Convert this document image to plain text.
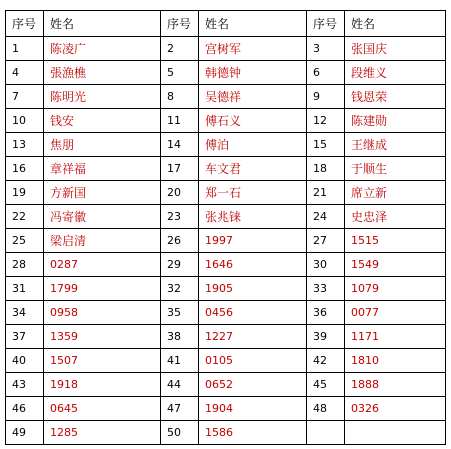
序号	姓名	序号	姓名	序号	姓名
1	陈凌广	2	宫树军	3	张国庆
4	張漁樵	5	韩德钟	6	段维义
7	陈明光	8	吴德祥	9	钱恩荣
10	钱安	11	傅石义	12	陈建勋
13	焦朋	14	傅泊	15	王继成
16	章祥福	17	车文君	18	于顺生
19	方新国	20	郑一石	21	席立新
22	冯寄徽	23	张兆铼	24	史忠泽
25	梁启清	26	1997	27	1515
28	0287	29	1646	30	1549
31	1799	32	1905	33	1079
34	0958	35	0456	36	0077
37	1359	38	1227	39	1171
40	1507	41	0105	42	1810
43	1918	44	0652	45	1888
46	0645	47	1904	48	0326
49	1285	50	1586		
